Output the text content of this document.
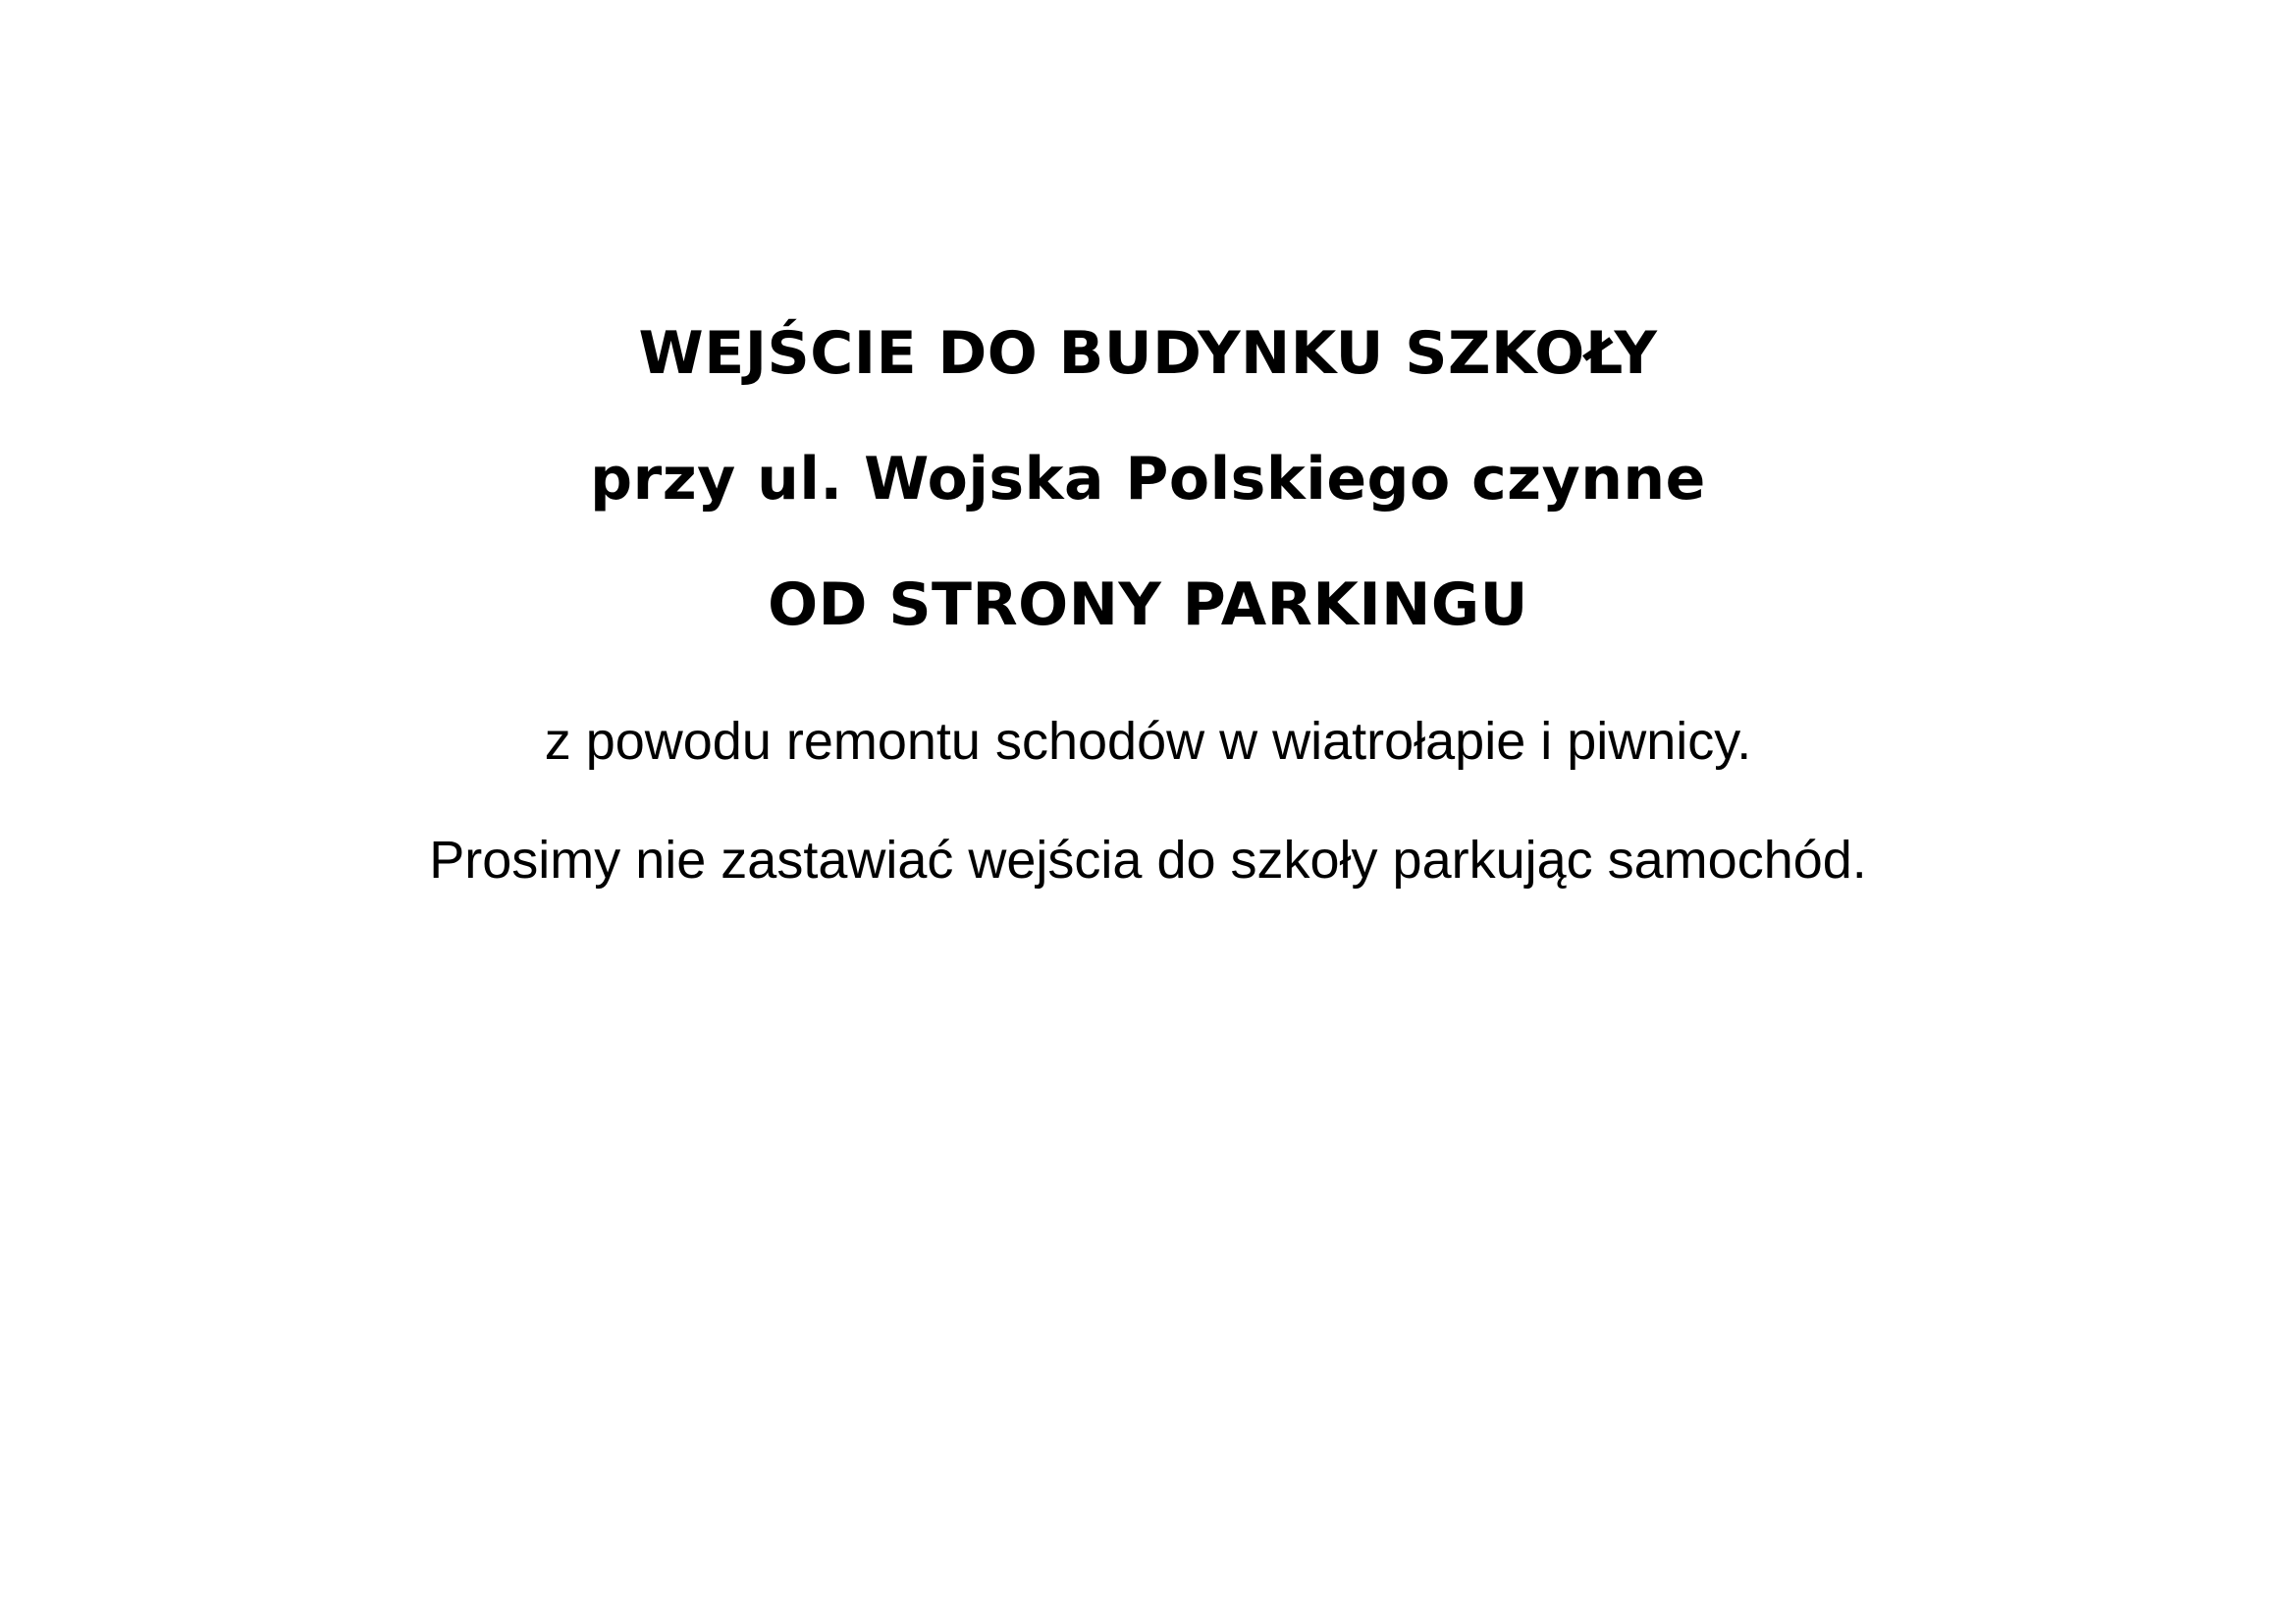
WEJŚCIE DO BUDYNKU SZKOŁY

przy ul. Wojska Polskiego czynne

OD STRONY PARKINGU

z powodu remontu schodów w wiatrołapie i piwnicy.

Prosimy nie zastawiać wejścia do szkoły parkując samochód.
